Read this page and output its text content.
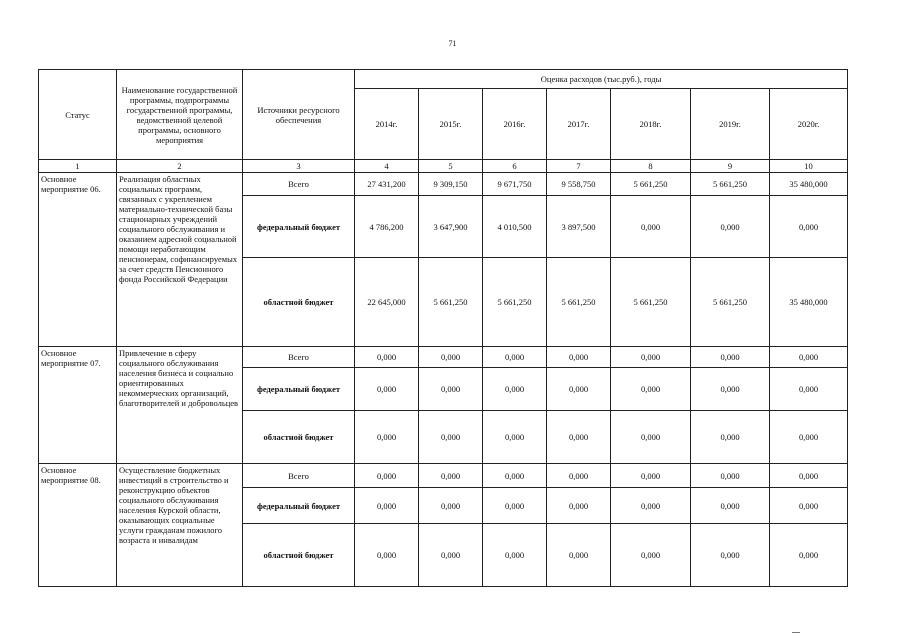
71
Статус	Наименование государственной программы, подпрограммы государственной программы, ведомственной целевой программы, основного мероприятия	Источники ресурсного обеспечения	Оценка расходов (тыс.руб.), годы						
			2014г.	2015г.	2016г.	2017г.	2018г.	2019г.	2020г.
1	2	3	4	5	6	7	8	9	10
Основное мероприятие 06.	Реализация областных социальных программ, связанных с укреплением материально-технической базы стационарных учреждений социального обслуживания и оказанием адресной социальной помощи неработающим пенсионерам, софинансируемых за счет средств Пенсионного фонда Российской Федерации	Всего	27 431,200	9 309,150	9 671,750	9 558,750	5 661,250	5 661,250	35 480,000
		федеральный бюджет	4 786,200	3 647,900	4 010,500	3 897,500	0,000	0,000	0,000
		областной бюджет	22 645,000	5 661,250	5 661,250	5 661,250	5 661,250	5 661,250	35 480,000
Основное мероприятие 07.	Привлечение в сферу социального обслуживания населения бизнеса и социально ориентированных некоммерческих организаций, благотворителей и добровольцев	Всего	0,000	0,000	0,000	0,000	0,000	0,000	0,000
		федеральный бюджет	0,000	0,000	0,000	0,000	0,000	0,000	0,000
		областной бюджет	0,000	0,000	0,000	0,000	0,000	0,000	0,000
Основное мероприятие 08.	Осуществление бюджетных инвестиций в строительство и реконструкцию объектов социального обслуживания населения Курской области, оказывающих социальные услуги гражданам пожилого возраста и инвалидам	Всего	0,000	0,000	0,000	0,000	0,000	0,000	0,000
		федеральный бюджет	0,000	0,000	0,000	0,000	0,000	0,000	0,000
		областной бюджет	0,000	0,000	0,000	0,000	0,000	0,000	0,000
